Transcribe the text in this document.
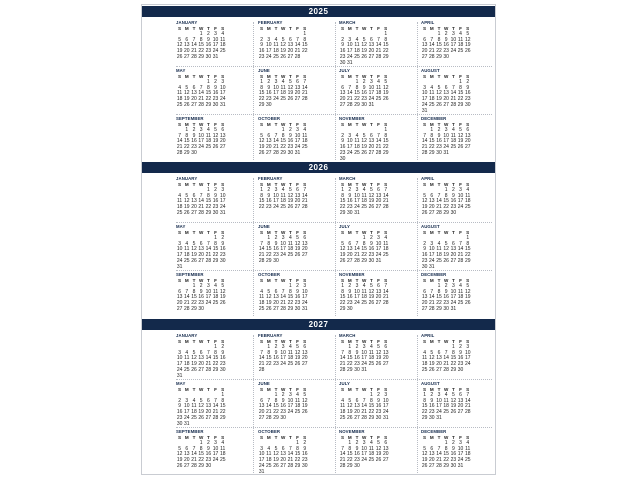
2025
JANUARY
S M T W T F S
1 2 3 4
5 6 7 8 9 10 11
12 13 14 15 16 17 18
19 20 21 22 23 24 25
26 27 28 29 30 31
FEBRUARY
S M T W T F S
1
2 3 4 5 6 7 8
9 10 11 12 13 14 15
16 17 18 19 20 21 22
23 24 25 26 27 28
MARCH
S M T W T F S
1
2 3 4 5 6 7 8
9 10 11 12 13 14 15
16 17 18 19 20 21 22
23 24 25 26 27 28 29
30 31
APRIL
S M T W T F S
1 2 3 4 5
6 7 8 9 10 11 12
13 14 15 16 17 18 19
20 21 22 23 24 25 26
27 28 29 30
MAY
S M T W T F S
1 2 3
4 5 6 7 8 9 10
11 12 13 14 15 16 17
18 19 20 21 22 23 24
25 26 27 28 29 30 31
JUNE
S M T W T F S
1 2 3 4 5 6 7
8 9 10 11 12 13 14
15 16 17 18 19 20 21
22 23 24 25 26 27 28
29 30
JULY
S M T W T F S
1 2 3 4 5
6 7 8 9 10 11 12
13 14 15 16 17 18 19
20 21 22 23 24 25 26
27 28 29 30 31
AUGUST
S M T W T F S
1 2
3 4 5 6 7 8 9
10 11 12 13 14 15 16
17 18 19 20 21 22 23
24 25 26 27 28 29 30
31
SEPTEMBER
S M T W T F S
1 2 3 4 5 6
7 8 9 10 11 12 13
14 15 16 17 18 19 20
21 22 23 24 25 26 27
28 29 30
OCTOBER
S M T W T F S
1 2 3 4
5 6 7 8 9 10 11
12 13 14 15 16 17 18
19 20 21 22 23 24 25
26 27 28 29 30 31
NOVEMBER
S M T W T F S
1
2 3 4 5 6 7 8
9 10 11 12 13 14 15
16 17 18 19 20 21 22
23 24 25 26 27 28 29
30
DECEMBER
S M T W T F S
1 2 3 4 5 6
7 8 9 10 11 12 13
14 15 16 17 18 19 20
21 22 23 24 25 26 27
28 29 30 31
2026
JANUARY
S M T W T F S
1 2 3
4 5 6 7 8 9 10
11 12 13 14 15 16 17
18 19 20 21 22 23 24
25 26 27 28 29 30 31
FEBRUARY
S M T W T F S
1 2 3 4 5 6 7
8 9 10 11 12 13 14
15 16 17 18 19 20 21
22 23 24 25 26 27 28
MARCH
S M T W T F S
1 2 3 4 5 6 7
8 9 10 11 12 13 14
15 16 17 18 19 20 21
22 23 24 25 26 27 28
29 30 31
APRIL
S M T W T F S
1 2 3 4
5 6 7 8 9 10 11
12 13 14 15 16 17 18
19 20 21 22 23 24 25
26 27 28 29 30
MAY
S M T W T F S
1 2
3 4 5 6 7 8 9
10 11 12 13 14 15 16
17 18 19 20 21 22 23
24 25 26 27 28 29 30
31
JUNE
S M T W T F S
1 2 3 4 5 6
7 8 9 10 11 12 13
14 15 16 17 18 19 20
21 22 23 24 25 26 27
28 29 30
JULY
S M T W T F S
1 2 3 4
5 6 7 8 9 10 11
12 13 14 15 16 17 18
19 20 21 22 23 24 25
26 27 28 29 30 31
AUGUST
S M T W T F S
1
2 3 4 5 6 7 8
9 10 11 12 13 14 15
16 17 18 19 20 21 22
23 24 25 26 27 28 29
30 31
SEPTEMBER
S M T W T F S
1 2 3 4 5
6 7 8 9 10 11 12
13 14 15 16 17 18 19
20 21 22 23 24 25 26
27 28 29 30
OCTOBER
S M T W T F S
1 2 3
4 5 6 7 8 9 10
11 12 13 14 15 16 17
18 19 20 21 22 23 24
25 26 27 28 29 30 31
NOVEMBER
S M T W T F S
1 2 3 4 5 6 7
8 9 10 11 12 13 14
15 16 17 18 19 20 21
22 23 24 25 26 27 28
29 30
DECEMBER
S M T W T F S
1 2 3 4 5
6 7 8 9 10 11 12
13 14 15 16 17 18 19
20 21 22 23 24 25 26
27 28 29 30 31
2027
JANUARY
S M T W T F S
1 2
3 4 5 6 7 8 9
10 11 12 13 14 15 16
17 18 19 20 21 22 23
24 25 26 27 28 29 30
31
FEBRUARY
S M T W T F S
1 2 3 4 5 6
7 8 9 10 11 12 13
14 15 16 17 18 19 20
21 22 23 24 25 26 27
28
MARCH
S M T W T F S
1 2 3 4 5 6
7 8 9 10 11 12 13
14 15 16 17 18 19 20
21 22 23 24 25 26 27
28 29 30 31
APRIL
S M T W T F S
1 2 3
4 5 6 7 8 9 10
11 12 13 14 15 16 17
18 19 20 21 22 23 24
25 26 27 28 29 30
MAY
S M T W T F S
1
2 3 4 5 6 7 8
9 10 11 12 13 14 15
16 17 18 19 20 21 22
23 24 25 26 27 28 29
30 31
JUNE
S M T W T F S
1 2 3 4 5
6 7 8 9 10 11 12
13 14 15 16 17 18 19
20 21 22 23 24 25 26
27 28 29 30
JULY
S M T W T F S
1 2 3
4 5 6 7 8 9 10
11 12 13 14 15 16 17
18 19 20 21 22 23 24
25 26 27 28 29 30 31
AUGUST
S M T W T F S
1 2 3 4 5 6 7
8 9 10 11 12 13 14
15 16 17 18 19 20 21
22 23 24 25 26 27 28
29 30 31
SEPTEMBER
S M T W T F S
1 2 3 4
5 6 7 8 9 10 11
12 13 14 15 16 17 18
19 20 21 22 23 24 25
26 27 28 29 30
OCTOBER
S M T W T F S
1 2
3 4 5 6 7 8 9
10 11 12 13 14 15 16
17 18 19 20 21 22 23
24 25 26 27 28 29 30
31
NOVEMBER
S M T W T F S
1 2 3 4 5 6
7 8 9 10 11 12 13
14 15 16 17 18 19 20
21 22 23 24 25 26 27
28 29 30
DECEMBER
S M T W T F S
1 2 3 4
5 6 7 8 9 10 11
12 13 14 15 16 17 18
19 20 21 22 23 24 25
26 27 28 29 30 31
